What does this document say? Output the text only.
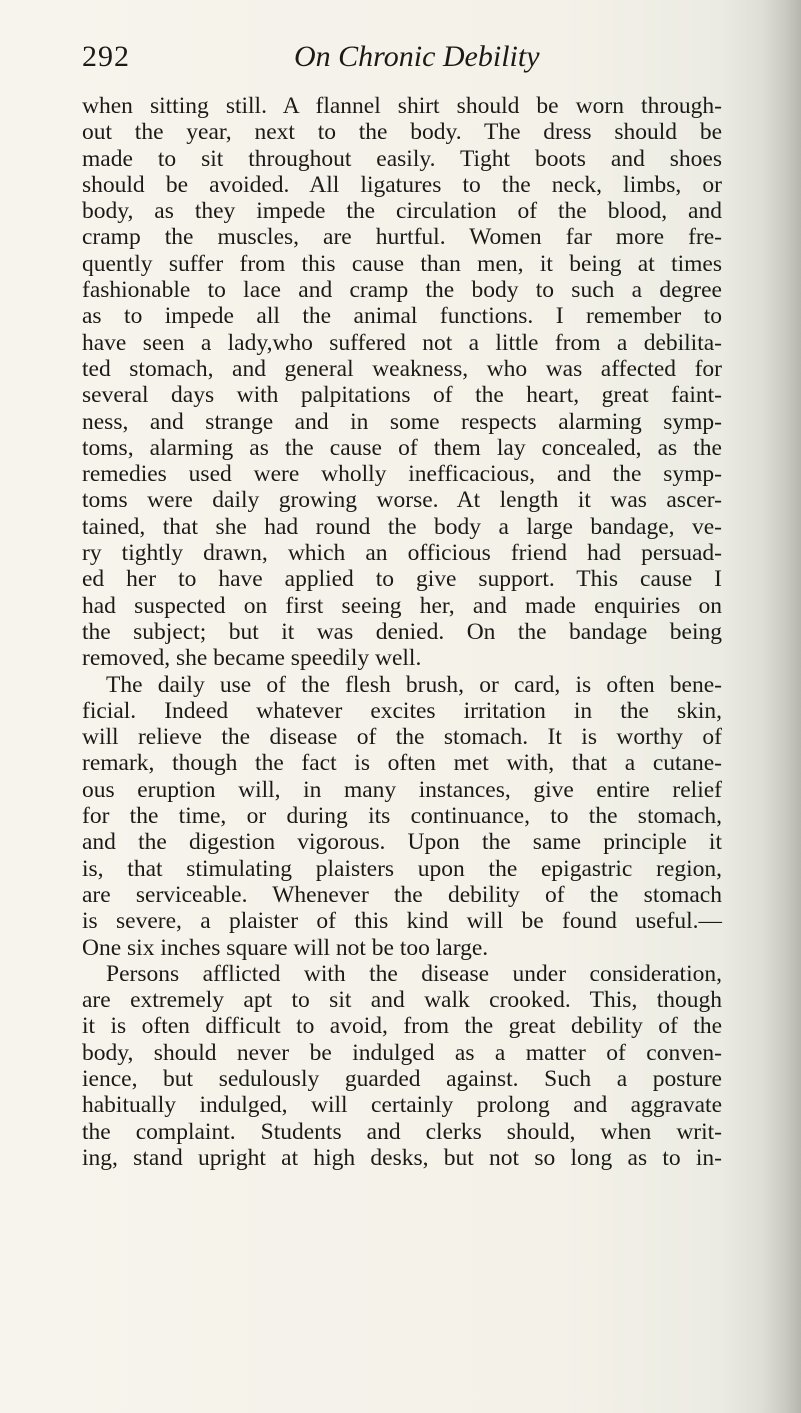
292	On Chronic Debility
when sitting still. A flannel shirt should be worn through-
out the year, next to the body. The dress should be
made to sit throughout easily. Tight boots and shoes
should be avoided. All ligatures to the neck, limbs, or
body, as they impede the circulation of the blood, and
cramp the muscles, are hurtful. Women far more fre-
quently suffer from this cause than men, it being at times
fashionable to lace and cramp the body to such a degree
as to impede all the animal functions. I remember to
have seen a lady,who suffered not a little from a debilita-
ted stomach, and general weakness, who was affected for
several days with palpitations of the heart, great faint-
ness, and strange and in some respects alarming symp-
toms, alarming as the cause of them lay concealed, as the
remedies used were wholly inefficacious, and the symp-
toms were daily growing worse. At length it was ascer-
tained, that she had round the body a large bandage, ve-
ry tightly drawn, which an officious friend had persuad-
ed her to have applied to give support. This cause I
had suspected on first seeing her, and made enquiries on
the subject; but it was denied. On the bandage being
removed, she became speedily well.
The daily use of the flesh brush, or card, is often bene-
ficial. Indeed whatever excites irritation in the skin,
will relieve the disease of the stomach. It is worthy of
remark, though the fact is often met with, that a cutane-
ous eruption will, in many instances, give entire relief
for the time, or during its continuance, to the stomach,
and the digestion vigorous. Upon the same principle it
is, that stimulating plaisters upon the epigastric region,
are serviceable. Whenever the debility of the stomach
is severe, a plaister of this kind will be found useful.—
One six inches square will not be too large.
Persons afflicted with the disease under consideration,
are extremely apt to sit and walk crooked. This, though
it is often difficult to avoid, from the great debility of the
body, should never be indulged as a matter of conven-
ience, but sedulously guarded against. Such a posture
habitually indulged, will certainly prolong and aggravate
the complaint. Students and clerks should, when writ-
ing, stand upright at high desks, but not so long as to in-
